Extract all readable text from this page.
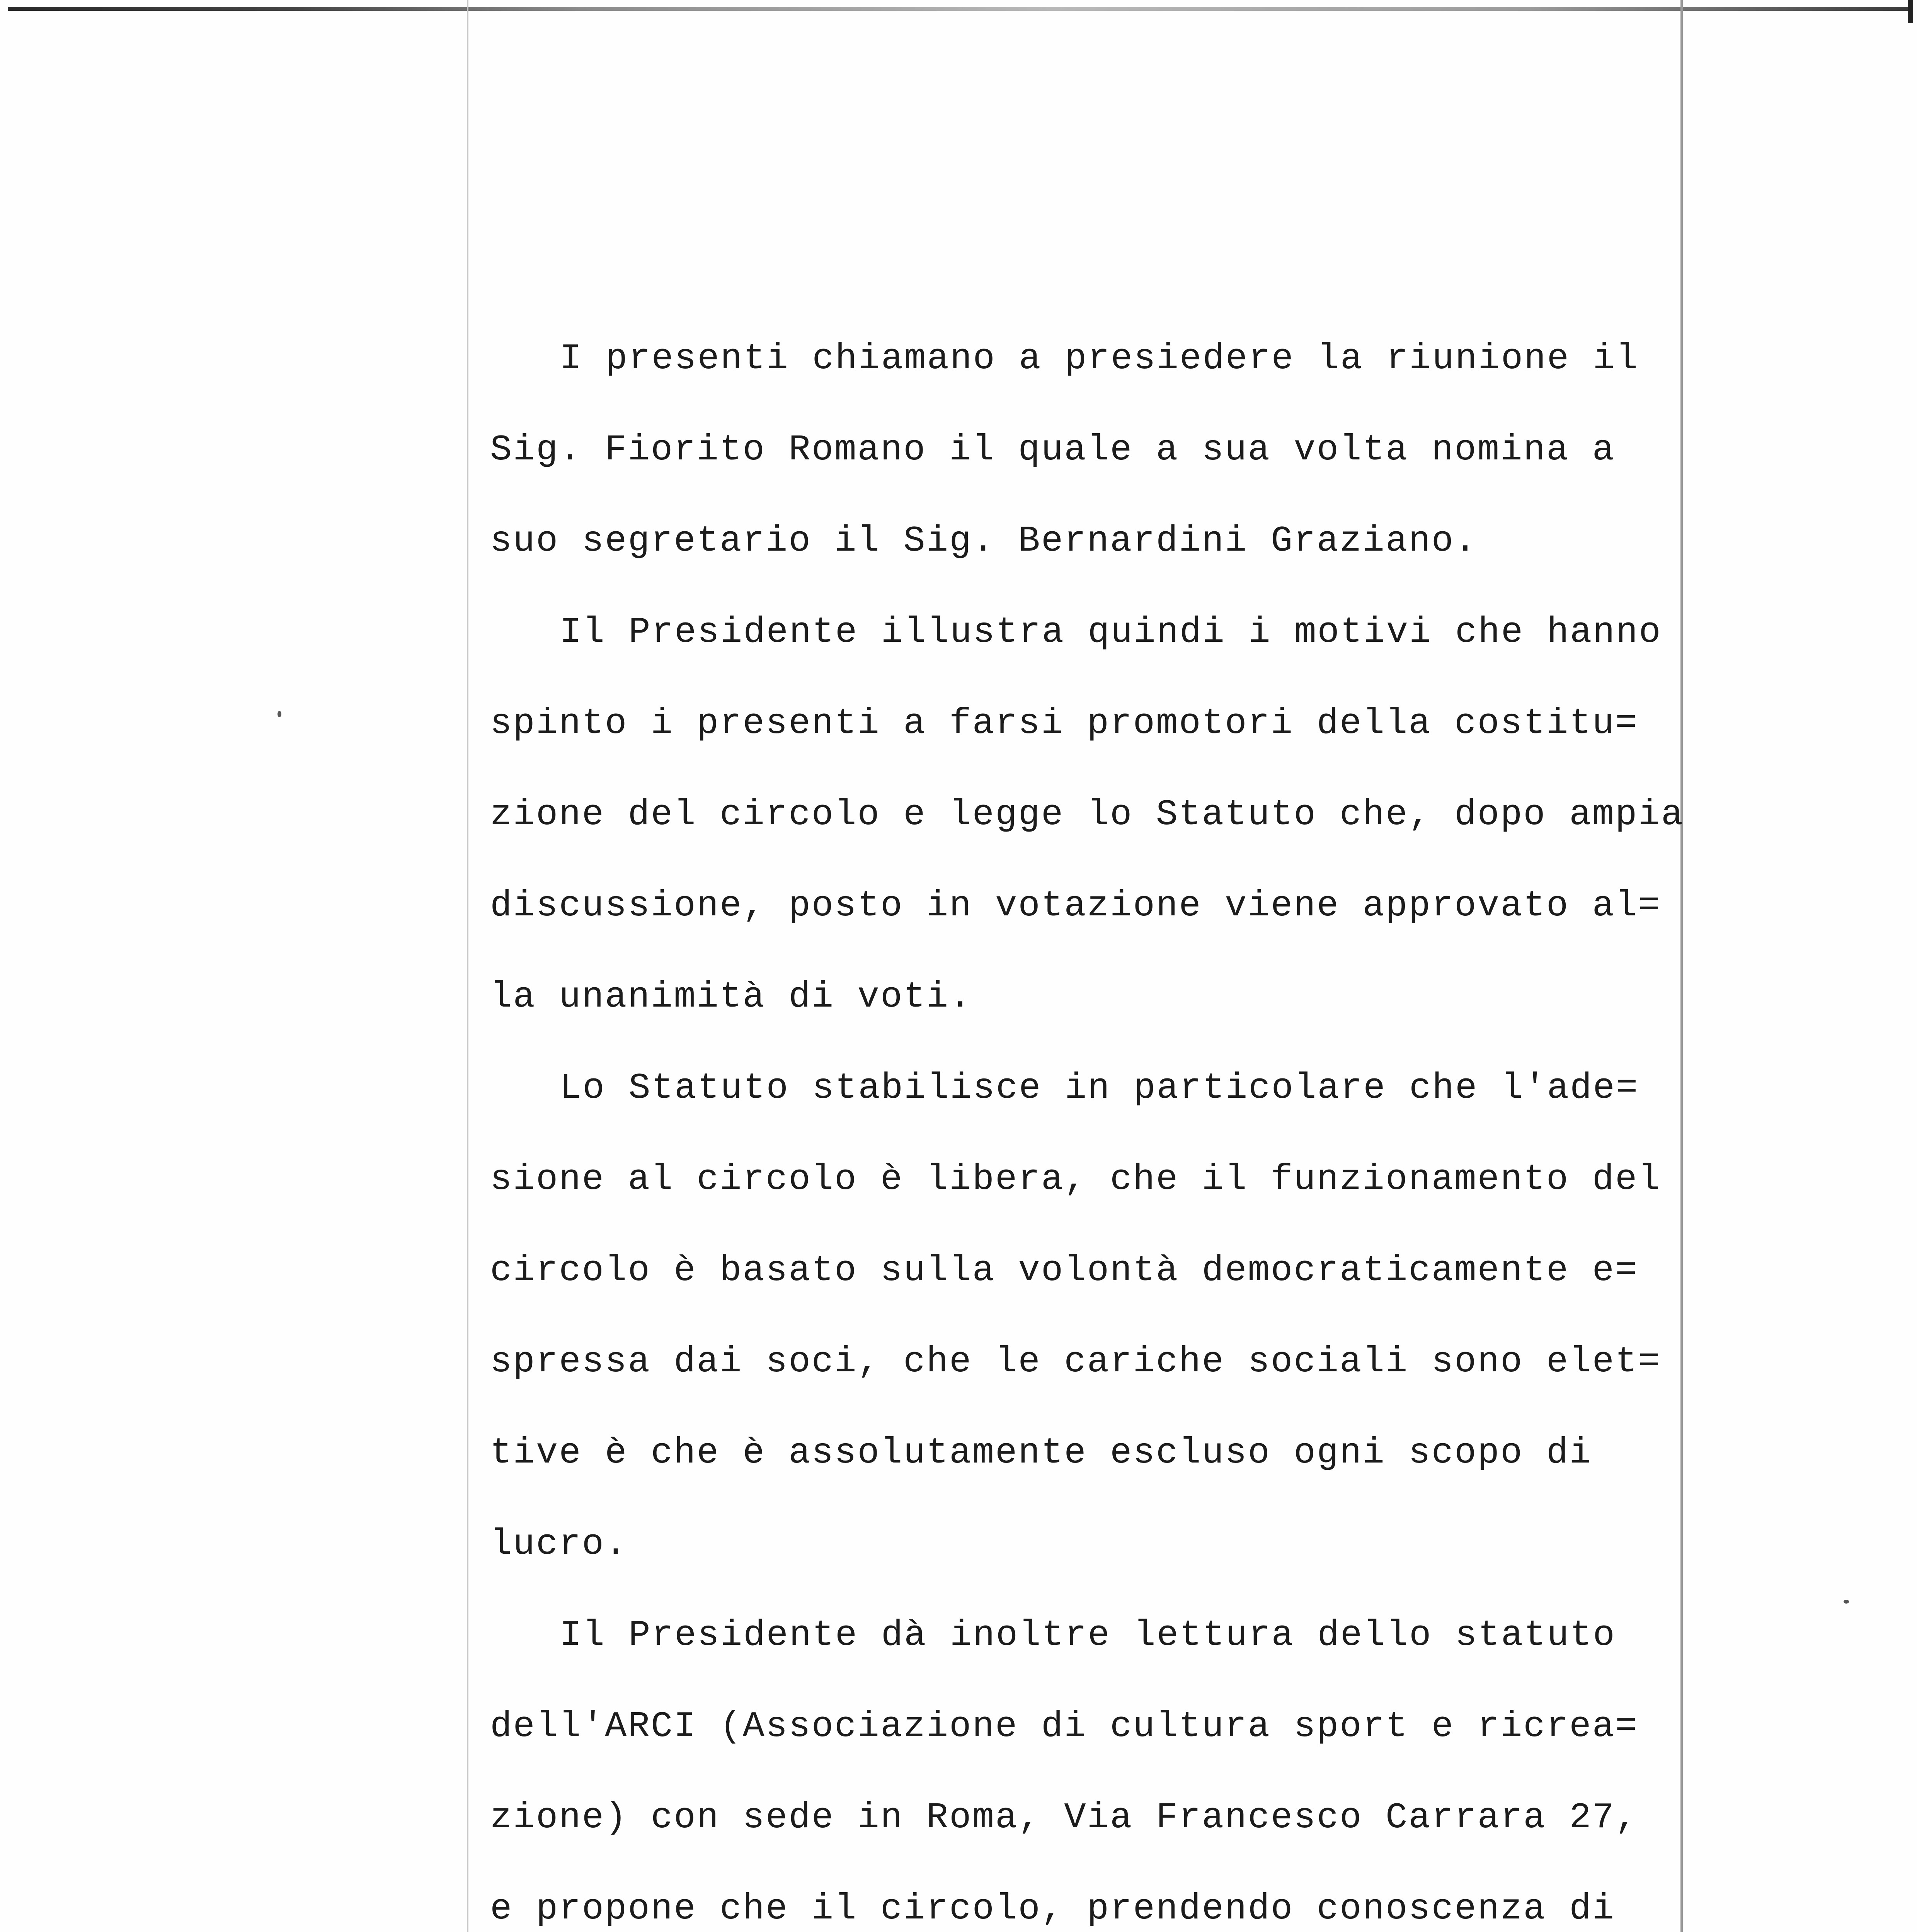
I presenti chiamano a presiedere la riunione il
Sig. Fiorito Romano il quale a sua volta nomina a
suo segretario il Sig. Bernardini Graziano.
Il Presidente illustra quindi i motivi che hanno
spinto i presenti a farsi promotori della costitu=
zione del circolo e legge lo Statuto che, dopo ampia
discussione, posto in votazione viene approvato al=
la unanimità di voti.
Lo Statuto stabilisce in particolare che l'ade=
sione al circolo è libera, che il funzionamento del
circolo è basato sulla volontà democraticamente e=
spressa dai soci, che le cariche sociali sono elet=
tive è che è assolutamente escluso ogni scopo di
lucro.
Il Presidente dà inoltre lettura dello statuto
dell'ARCI (Associazione di cultura sport e ricrea=
zione) con sede in Roma, Via Francesco Carrara 27,
e propone che il circolo, prendendo conoscenza di
